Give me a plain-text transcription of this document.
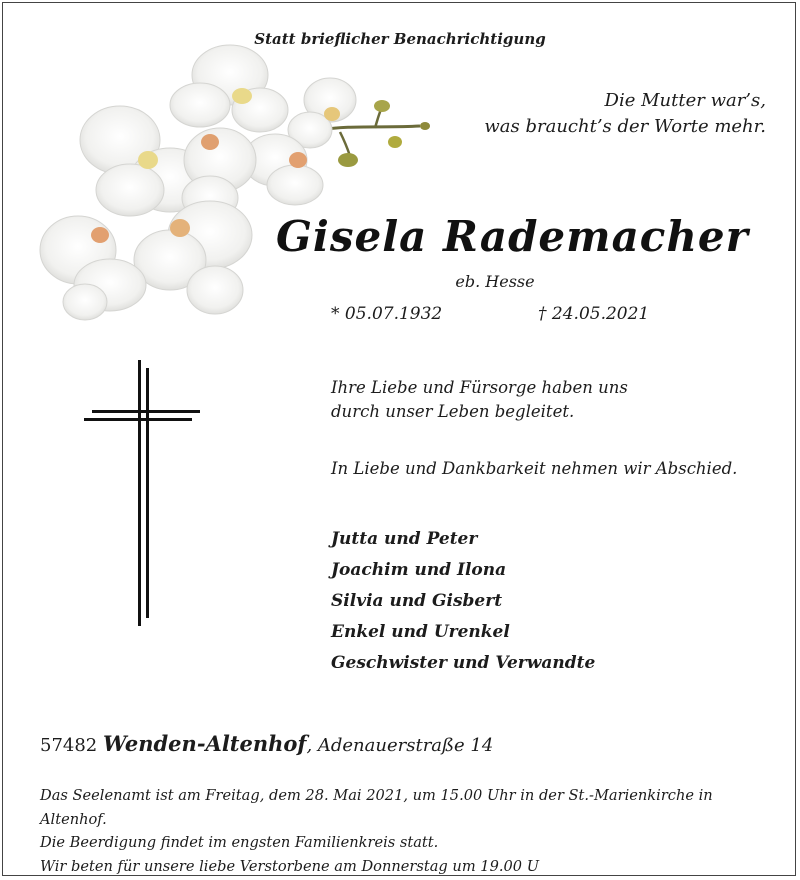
Statt brieflicher Benachrichtigung
Die Mutter war’s,
was braucht’s der Worte mehr.
Gisela Rademacher
eb. Hesse
* 05.07.1932	† 24.05.2021
Ihre Liebe und Fürsorge haben uns
durch unser Leben begleitet.
In Liebe und Dankbarkeit nehmen wir Abschied.
Jutta und Peter
Joachim und Ilona
Silvia und Gisbert
Enkel und Urenkel
Geschwister und Verwandte
57482 Wenden-Altenhof, Adenauerstraße 14
Das Seelenamt ist am Freitag, dem 28. Mai 2021, um 15.00 Uhr in der St.-Marienkirche in Altenhof.
Die Beerdigung findet im engsten Familienkreis statt.
Wir beten für unsere liebe Verstorbene am Donnerstag um 19.00 U
